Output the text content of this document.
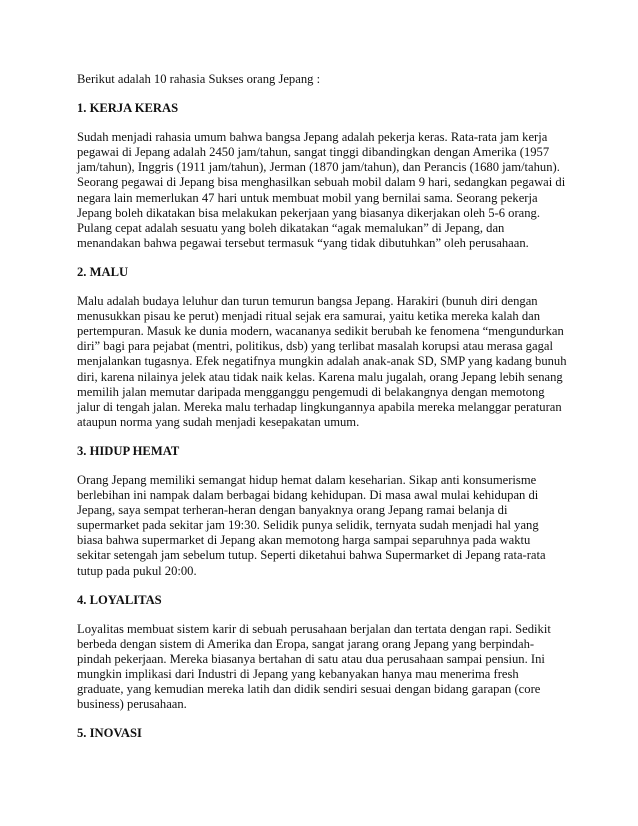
Berikut adalah 10 rahasia Sukses orang Jepang :

1. KERJA KERAS

Sudah menjadi rahasia umum bahwa bangsa Jepang adalah pekerja keras. Rata-rata jam kerja pegawai di Jepang adalah 2450 jam/tahun, sangat tinggi dibandingkan dengan Amerika (1957 jam/tahun), Inggris (1911 jam/tahun), Jerman (1870 jam/tahun), dan Perancis (1680 jam/tahun). Seorang pegawai di Jepang bisa menghasilkan sebuah mobil dalam 9 hari, sedangkan pegawai di negara lain memerlukan 47 hari untuk membuat mobil yang bernilai sama. Seorang pekerja Jepang boleh dikatakan bisa melakukan pekerjaan yang biasanya dikerjakan oleh 5-6 orang. Pulang cepat adalah sesuatu yang boleh dikatakan “agak memalukan” di Jepang, dan menandakan bahwa pegawai tersebut termasuk “yang tidak dibutuhkan” oleh perusahaan.

2. MALU

Malu adalah budaya leluhur dan turun temurun bangsa Jepang. Harakiri (bunuh diri dengan menusukkan pisau ke perut) menjadi ritual sejak era samurai, yaitu ketika mereka kalah dan pertempuran. Masuk ke dunia modern, wacananya sedikit berubah ke fenomena “mengundurkan diri” bagi para pejabat (mentri, politikus, dsb) yang terlibat masalah korupsi atau merasa gagal menjalankan tugasnya. Efek negatifnya mungkin adalah anak-anak SD, SMP yang kadang bunuh diri, karena nilainya jelek atau tidak naik kelas. Karena malu jugalah, orang Jepang lebih senang memilih jalan memutar daripada mengganggu pengemudi di belakangnya dengan memotong jalur di tengah jalan. Mereka malu terhadap lingkungannya apabila mereka melanggar peraturan ataupun norma yang sudah menjadi kesepakatan umum.

3. HIDUP HEMAT

Orang Jepang memiliki semangat hidup hemat dalam keseharian. Sikap anti konsumerisme berlebihan ini nampak dalam berbagai bidang kehidupan. Di masa awal mulai kehidupan di Jepang, saya sempat terheran-heran dengan banyaknya orang Jepang ramai belanja di supermarket pada sekitar jam 19:30. Selidik punya selidik, ternyata sudah menjadi hal yang biasa bahwa supermarket di Jepang akan memotong harga sampai separuhnya pada waktu sekitar setengah jam sebelum tutup. Seperti diketahui bahwa Supermarket di Jepang rata-rata tutup pada pukul 20:00.

4. LOYALITAS

Loyalitas membuat sistem karir di sebuah perusahaan berjalan dan tertata dengan rapi. Sedikit berbeda dengan sistem di Amerika dan Eropa, sangat jarang orang Jepang yang berpindah-pindah pekerjaan. Mereka biasanya bertahan di satu atau dua perusahaan sampai pensiun. Ini mungkin implikasi dari Industri di Jepang yang kebanyakan hanya mau menerima fresh graduate, yang kemudian mereka latih dan didik sendiri sesuai dengan bidang garapan (core business) perusahaan.

5. INOVASI
